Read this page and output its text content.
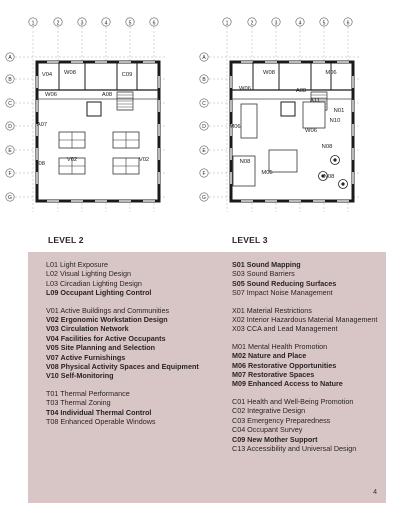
1	2	3	4	5	6
A
B
C
D
E
F
G
1	2	3	4	5	6
A
B
C
D
E
F
G
V04 W08	C09
W06	A08
A07
T08
V02	V02
W08	M06
W06	A08
A11
N01
N10
M06
W06
N08
N08
M05
N08
LEVEL 2	LEVEL 3
L01 Light Exposure
L02 Visual Lighting Design
L03 Circadian Lighting Design
L09 Occupant Lighting Control
V01 Active Buildings and Communities
V02 Ergonomic Workstation Design
V03 Circulation Network
V04 Facilities for Active Occupants
V05 Site Planning and Selection
V07 Active Furnishings
V08 Physical Activity Spaces and Equipment
V10 Self-Monitoring
T01 Thermal Performance
T03 Thermal Zoning
T04 Individual Thermal Control
T08 Enhanced Operable Windows
S01 Sound Mapping
S03 Sound Barriers
S05 Sound Reducing Surfaces
S07 Impact Noise Management
X01 Material Restrictions
X02 Interior Hazardous Material Management
X03 CCA and Lead Management
M01 Mental Health Promotion
M02 Nature and Place
M06 Restorative Opportunities
M07 Restorative Spaces
M09 Enhanced Access to Nature
C01 Health and Well-Being Promotion
C02 Integrative Design
C03 Emergency Preparedness
C04 Occupant Survey
C09 New Mother Support
C13 Accessibility and Universal Design
4
